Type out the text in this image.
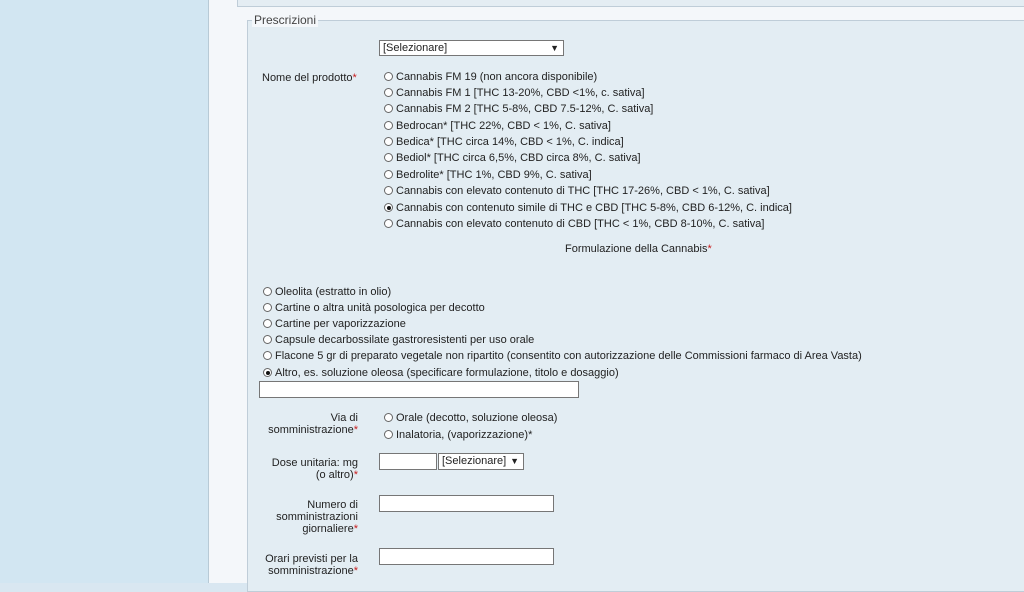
Prescrizioni
[Selezionare]	▼
Nome del prodotto*	Cannabis FM 19 (non ancora disponibile)
Cannabis FM 1 [THC 13-20%, CBD <1%, c. sativa]
Cannabis FM 2 [THC 5-8%, CBD 7.5-12%, C. sativa]
Bedrocan* [THC 22%, CBD < 1%, C. sativa]
Bedica* [THC circa 14%, CBD < 1%, C. indica]
Bediol* [THC circa 6,5%, CBD circa 8%, C. sativa]
Bedrolite* [THC 1%, CBD 9%, C. sativa]
Cannabis con elevato contenuto di THC [THC 17-26%, CBD < 1%, C. sativa]
Cannabis con contenuto simile di THC e CBD [THC 5-8%, CBD 6-12%, C. indica]
Cannabis con elevato contenuto di CBD [THC < 1%, CBD 8-10%, C. sativa]
Formulazione della Cannabis*
Oleolita (estratto in olio)
Cartine o altra unità posologica per decotto
Cartine per vaporizzazione
Capsule decarbossilate gastroresistenti per uso orale
Flacone 5 gr di preparato vegetale non ripartito (consentito con autorizzazione delle Commissioni farmaco di Area Vasta)
Altro, es. soluzione oleosa (specificare formulazione, titolo e dosaggio)
Via di
somministrazione*
Orale (decotto, soluzione oleosa)
Inalatoria, (vaporizzazione)*
Dose unitaria: mg
(o altro)*
[Selezionare] ▼
Numero di
somministrazioni
giornaliere*
Orari previsti per la
somministrazione*
